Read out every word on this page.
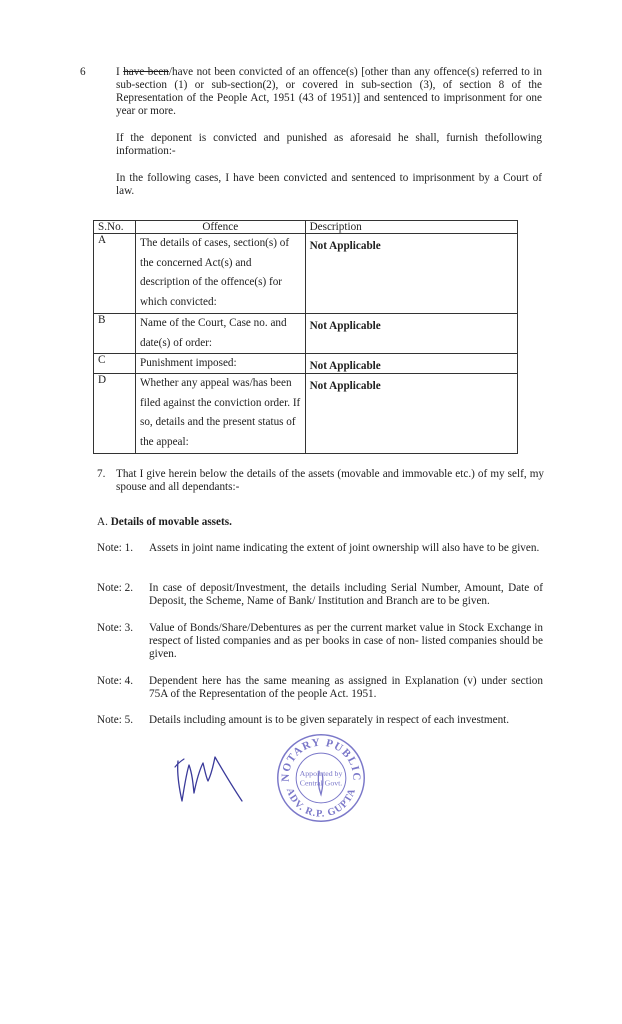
6	I have been/have not been convicted of an offence(s) [other than any offence(s) referred to in sub-section (1) or sub-section(2), or covered in sub-section (3), of section 8 of the Representation of the People Act, 1951 (43 of 1951)] and sentenced to imprisonment for one year or more.
If the deponent is convicted and punished as aforesaid he shall, furnish thefollowing information:-
In the following cases, I have been convicted and sentenced to imprisonment by a Court of law.
S.No.	Offence	Description
A	The details of cases, section(s) of the concerned Act(s) and description of the offence(s) for which convicted:	Not Applicable
B	Name of the Court, Case no. and date(s) of order:	Not Applicable
C	Punishment imposed:	Not Applicable
D	Whether any appeal was/has been filed against the conviction order. If so, details and the present status of the appeal:	Not Applicable
7. That I give herein below the details of the assets (movable and immovable etc.) of my self, my spouse and all dependants:-
A. Details of movable assets.
Note: 1. Assets in joint name indicating the extent of joint ownership will also have to be given.
Note: 2. In case of deposit/Investment, the details including Serial Number, Amount, Date of Deposit, the Scheme, Name of Bank/ Institution and Branch are to be given.
Note: 3. Value of Bonds/Share/Debentures as per the current market value in Stock Exchange in respect of listed companies and as per books in case of non- listed companies should be given.
Note: 4. Dependent here has the same meaning as assigned in Explanation (v) under section 75A of the Representation of the people Act. 1951.
Note: 5. Details including amount is to be given separately in respect of each investment.
NOTARY PUBLIC
ADV. R.P. GUPTA
Appointed by
Central Govt.
